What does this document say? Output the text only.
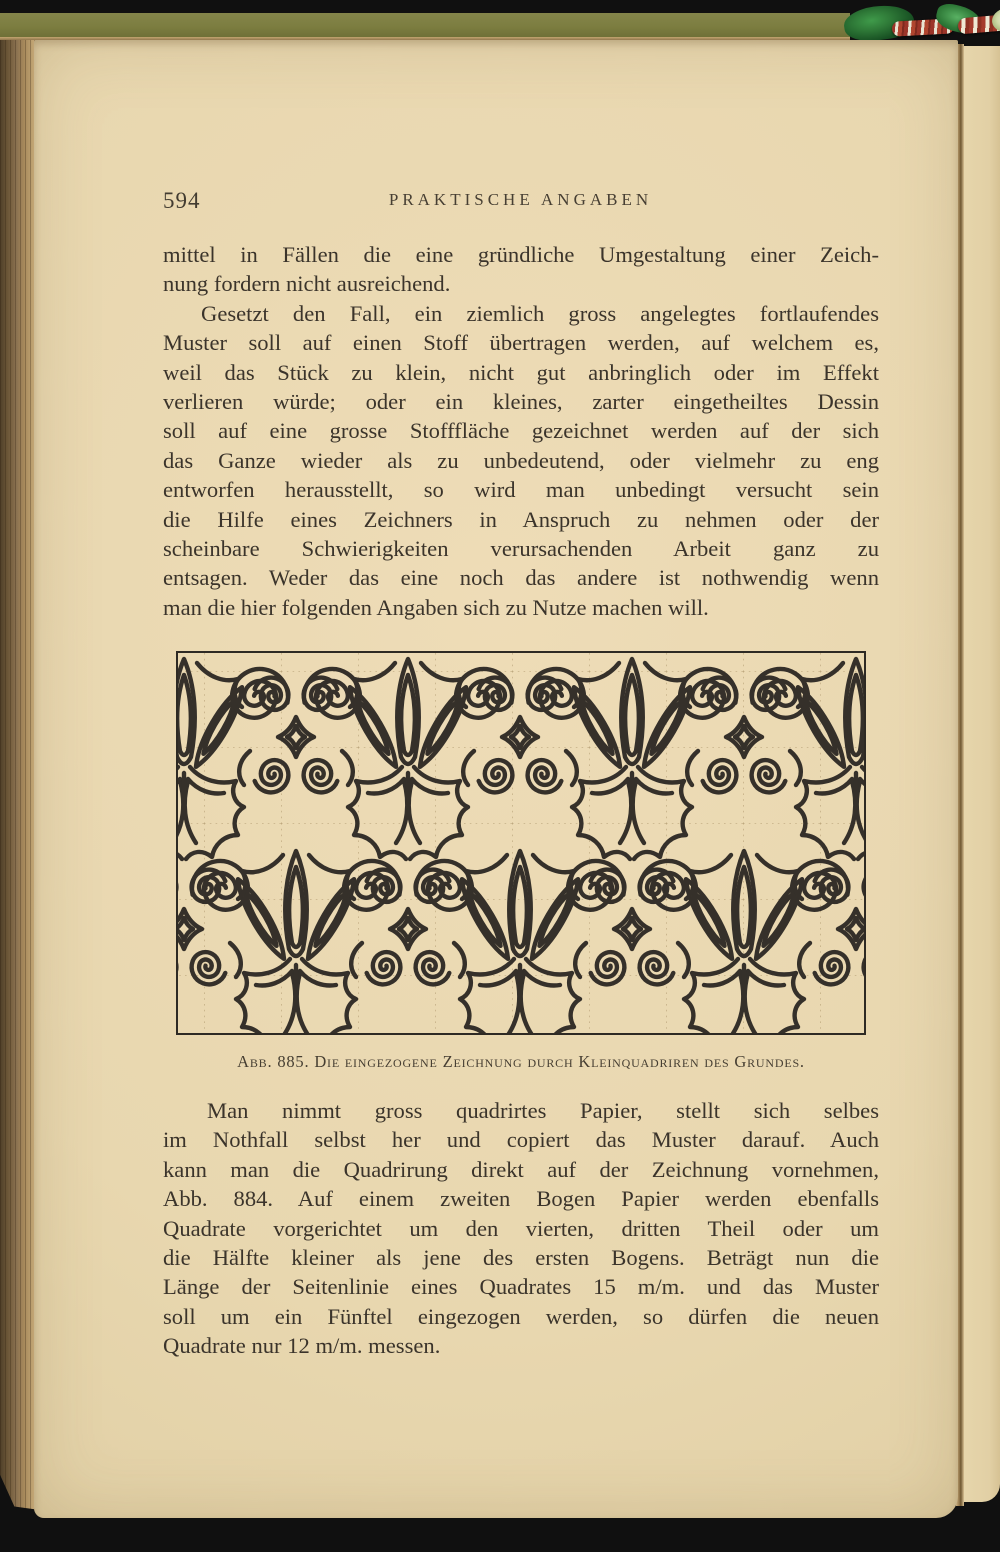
594	PRAKTISCHE ANGABEN
mittel in Fällen die eine gründliche Umgestaltung einer Zeich-
nung fordern nicht ausreichend.
Gesetzt den Fall, ein ziemlich gross angelegtes fortlaufendes
Muster soll auf einen Stoff übertragen werden, auf welchem es,
weil das Stück zu klein, nicht gut anbringlich oder im Effekt
verlieren würde; oder ein kleines, zarter eingetheiltes Dessin
soll auf eine grosse Stofffläche gezeichnet werden auf der sich
das Ganze wieder als zu unbedeutend, oder vielmehr zu eng
entworfen herausstellt, so wird man unbedingt versucht sein
die Hilfe eines Zeichners in Anspruch zu nehmen oder der
scheinbare Schwierigkeiten verursachenden Arbeit ganz zu
entsagen. Weder das eine noch das andere ist nothwendig wenn
man die hier folgenden Angaben sich zu Nutze machen will.
Abb. 885. Die eingezogene Zeichnung durch Kleinquadriren des Grundes.
Man nimmt gross quadrirtes Papier, stellt sich selbes
im Nothfall selbst her und copiert das Muster darauf. Auch
kann man die Quadrirung direkt auf der Zeichnung vornehmen,
Abb. 884. Auf einem zweiten Bogen Papier werden ebenfalls
Quadrate vorgerichtet um den vierten, dritten Theil oder um
die Hälfte kleiner als jene des ersten Bogens. Beträgt nun die
Länge der Seitenlinie eines Quadrates 15 m/m. und das Muster
soll um ein Fünftel eingezogen werden, so dürfen die neuen
Quadrate nur 12 m/m. messen.
